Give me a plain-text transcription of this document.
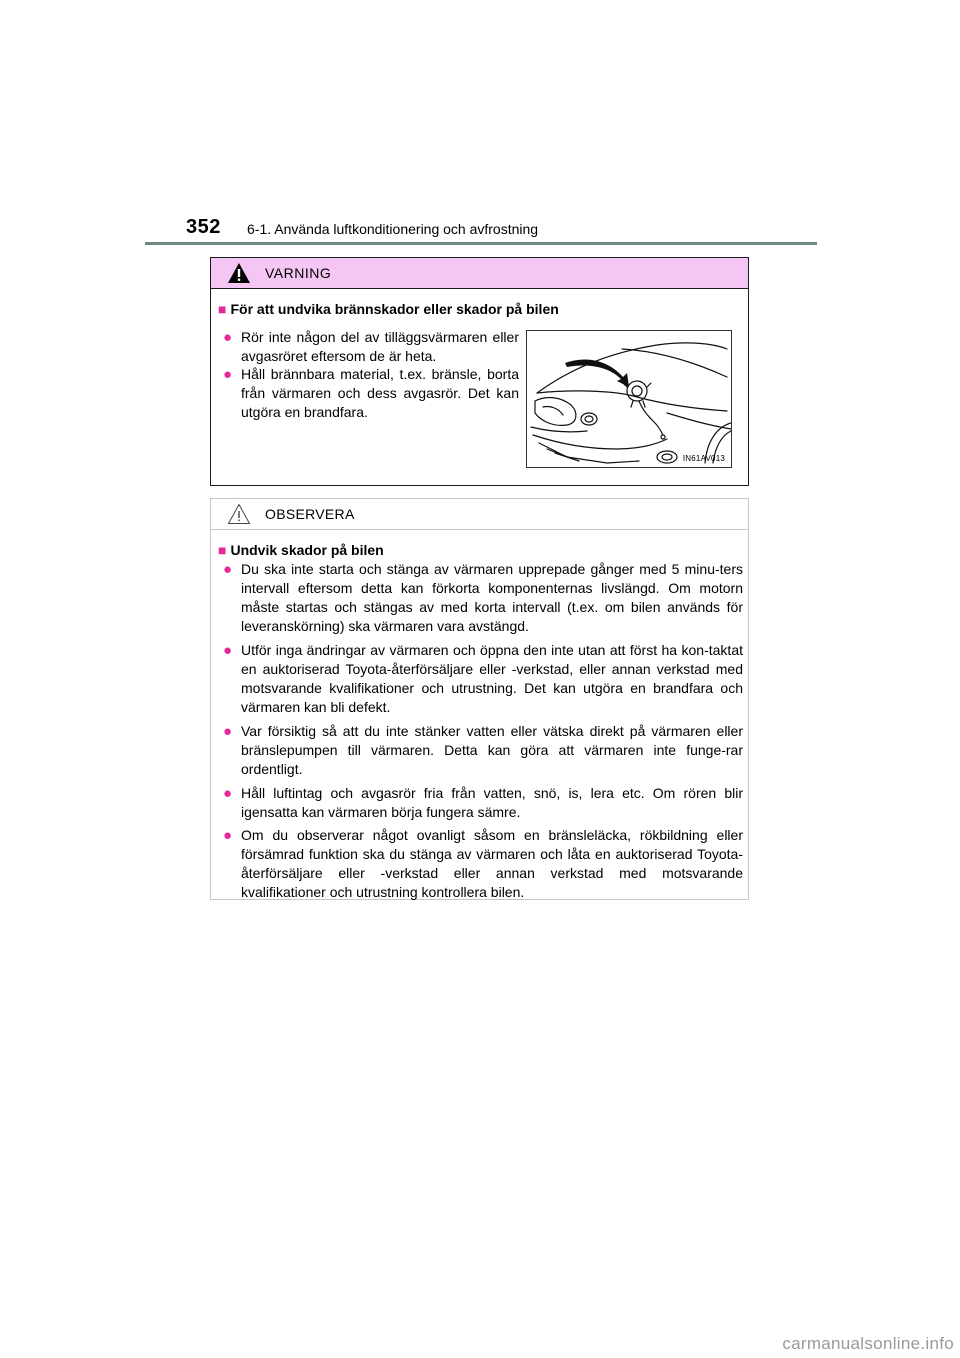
352 6-1. Använda luftkonditionering och avfrostning
VARNING
■ För att undvika brännskador eller skador på bilen
● Rör inte någon del av tilläggsvärmaren eller avgasröret eftersom de är heta.
● Håll brännbara material, t.ex. bränsle, borta från värmaren och dess avgasrör. Det kan utgöra en brandfara.
IN61AV013
OBSERVERA
■ Undvik skador på bilen
● Du ska inte starta och stänga av värmaren upprepade gånger med 5 minu-ters intervall eftersom detta kan förkorta komponenternas livslängd. Om motorn måste startas och stängas av med korta intervall (t.ex. om bilen används för leveranskörning) ska värmaren vara avstängd.
● Utför inga ändringar av värmaren och öppna den inte utan att först ha kon-taktat en auktoriserad Toyota-återförsäljare eller -verkstad, eller annan verkstad med motsvarande kvalifikationer och utrustning. Det kan utgöra en brandfara och värmaren kan bli defekt.
● Var försiktig så att du inte stänker vatten eller vätska direkt på värmaren eller bränslepumpen till värmaren. Detta kan göra att värmaren inte funge-rar ordentligt.
● Håll luftintag och avgasrör fria från vatten, snö, is, lera etc. Om rören blir igensatta kan värmaren börja fungera sämre.
● Om du observerar något ovanligt såsom en bränsleläcka, rökbildning eller försämrad funktion ska du stänga av värmaren och låta en auktoriserad Toyota-återförsäljare eller -verkstad eller annan verkstad med motsvarande kvalifikationer och utrustning kontrollera bilen.
carmanualsonline.info
